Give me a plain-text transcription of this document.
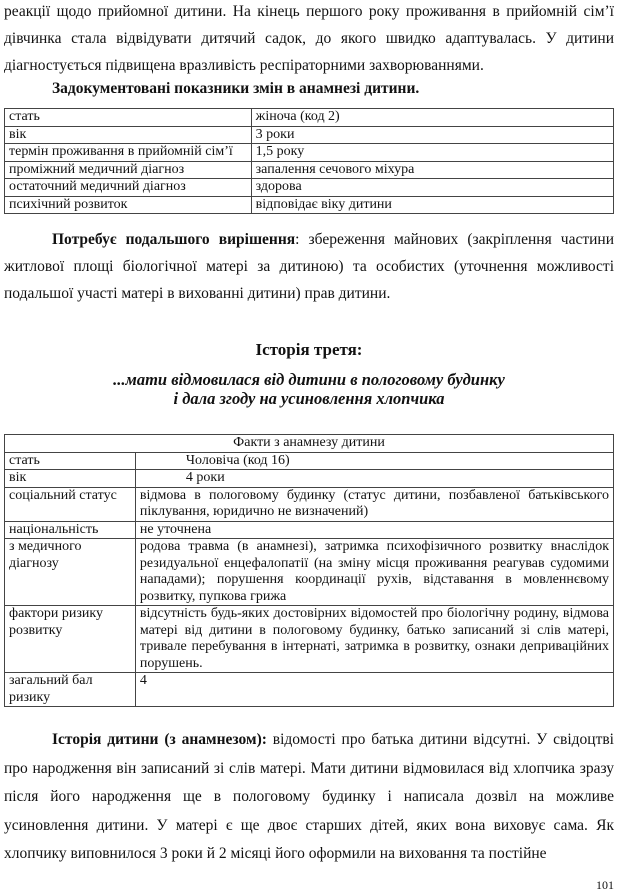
реакції щодо прийомної дитини. На кінець першого року проживання в прийомній сім’ї дівчинка стала відвідувати дитячий садок, до якого швидко адаптувалась. У дитини діагностується підвищена вразливість респіраторними захворюваннями.

Задокументовані показники змін в анамнезі дитини.
стать	жіноча (код 2)
вік	3 роки
термін проживання в прийомній сім’ї	1,5 року
проміжний медичний діагноз	запалення сечового міхура
остаточний медичний діагноз	здорова
психічний розвиток	відповідає віку дитини

Потребує подальшого вирішення: збереження майнових (закріплення частини житлової площі біологічної матері за дитиною) та особистих (уточнення можливості подальшої участі матері в вихованні дитини) прав дитини.

Історія третя:
...мати відмовилася від дитини в пологовому будинку
і дала згоду на усиновлення хлопчика
Факти з анамнезу дитини	
стать	Чоловіча (код 16)
вік	4 роки
соціальний статус	відмова в пологовому будинку (статус дитини, позбавленої батьківського піклування, юридично не визначений)
національність	не уточнена
з медичного діагнозу	родова травма (в анамнезі), затримка психофізичного розвитку внаслідок резидуальної енцефалопатії (на зміну місця проживання реагував судомими нападами); порушення координації рухів, відставання в мовленнєвому розвитку, пупкова грижа
фактори ризику розвитку	відсутність будь-яких достовірних відомостей про біологічну родину, відмова матері від дитини в пологовому будинку, батько записаний зі слів матері, тривале перебування в інтернаті, затримка в розвитку, ознаки деприваційних порушень.
загальний бал ризику	4

Історія дитини (з анамнезом): відомості про батька дитини відсутні. У свідоцтві про народження він записаний зі слів матері. Мати дитини відмовилася від хлопчика зразу після його народження ще в пологовому будинку і написала дозвіл на можливе усиновлення дитини. У матері є ще двоє старших дітей, яких вона виховує сама. Як хлопчику виповнилося 3 роки й 2 місяці його оформили на виховання та постійне

101
